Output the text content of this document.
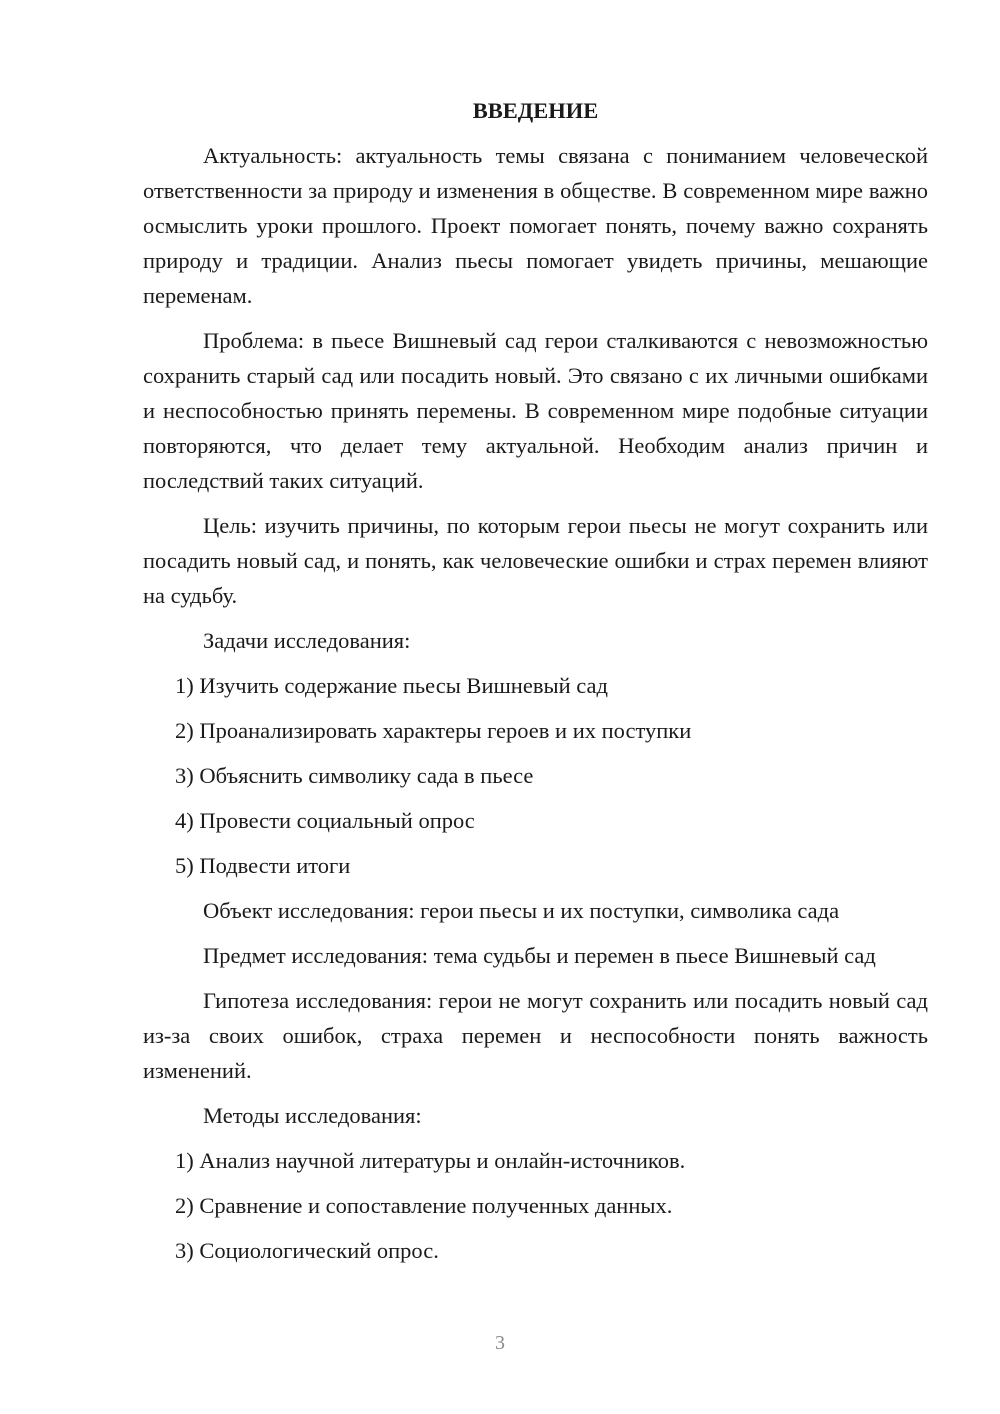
ВВЕДЕНИЕ

Актуальность: актуальность темы связана с пониманием человеческой ответственности за природу и изменения в обществе. В современном мире важно осмыслить уроки прошлого. Проект помогает понять, почему важно сохранять природу и традиции. Анализ пьесы помогает увидеть причины, мешающие переменам.

Проблема: в пьесе Вишневый сад герои сталкиваются с невозможностью сохранить старый сад или посадить новый. Это связано с их личными ошибками и неспособностью принять перемены. В современном мире подобные ситуации повторяются, что делает тему актуальной. Необходим анализ причин и последствий таких ситуаций.

Цель: изучить причины, по которым герои пьесы не могут сохранить или посадить новый сад, и понять, как человеческие ошибки и страх перемен влияют на судьбу.

Задачи исследования:
1) Изучить содержание пьесы Вишневый сад
2) Проанализировать характеры героев и их поступки
3) Объяснить символику сада в пьесе
4) Провести социальный опрос
5) Подвести итоги
Объект исследования: герои пьесы и их поступки, символика сада

Предмет исследования: тема судьбы и перемен в пьесе Вишневый сад

Гипотеза исследования: герои не могут сохранить или посадить новый сад из-за своих ошибок, страха перемен и неспособности понять важность изменений.

Методы исследования:
1) Анализ научной литературы и онлайн-источников.
2) Сравнение и сопоставление полученных данных.
3) Социологический опрос.
3
